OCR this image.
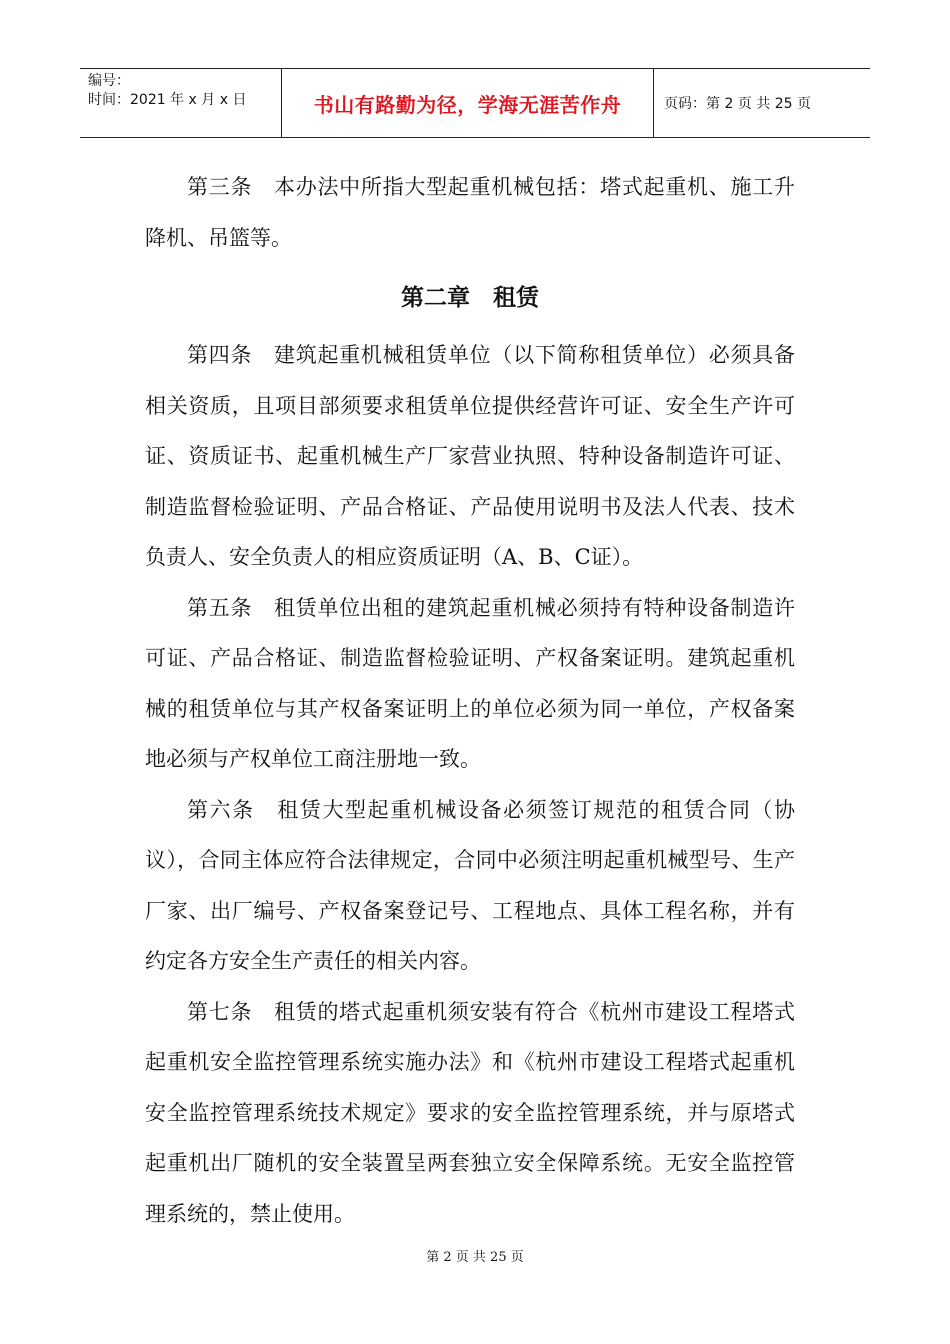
编号：
时间：2021 年 x 月 x 日	书山有路勤为径，学海无涯苦作舟	页码：第 2 页 共 25 页

第三条　本办法中所指大型起重机械包括：塔式起重机、施工升降机、吊篮等。

第二章　租赁

第四条　建筑起重机械租赁单位（以下简称租赁单位）必须具备相关资质，且项目部须要求租赁单位提供经营许可证、安全生产许可证、资质证书、起重机械生产厂家营业执照、特种设备制造许可证、制造监督检验证明、产品合格证、产品使用说明书及法人代表、技术负责人、安全负责人的相应资质证明（A、B、C证）。

第五条　租赁单位出租的建筑起重机械必须持有特种设备制造许可证、产品合格证、制造监督检验证明、产权备案证明。建筑起重机械的租赁单位与其产权备案证明上的单位必须为同一单位，产权备案地必须与产权单位工商注册地一致。

第六条　租赁大型起重机械设备必须签订规范的租赁合同（协议），合同主体应符合法律规定，合同中必须注明起重机械型号、生产厂家、出厂编号、产权备案登记号、工程地点、具体工程名称，并有约定各方安全生产责任的相关内容。

第七条　租赁的塔式起重机须安装有符合《杭州市建设工程塔式起重机安全监控管理系统实施办法》和《杭州市建设工程塔式起重机安全监控管理系统技术规定》要求的安全监控管理系统，并与原塔式起重机出厂随机的安全装置呈两套独立安全保障系统。无安全监控管理系统的，禁止使用。

第 2 页 共 25 页
